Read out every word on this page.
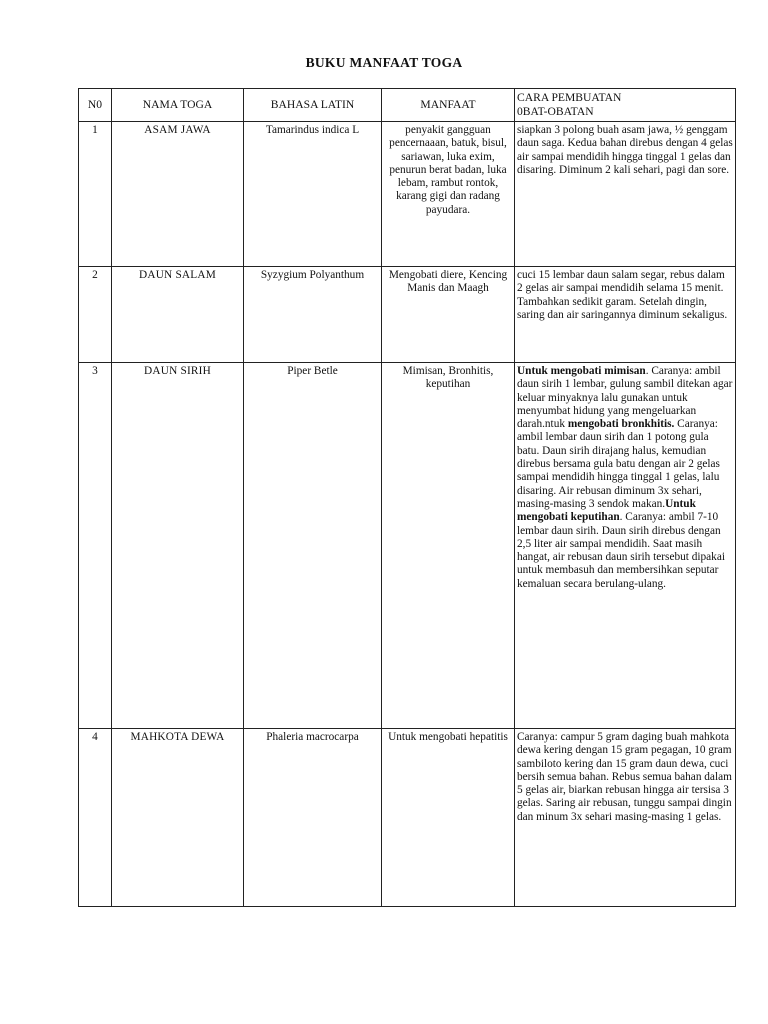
BUKU MANFAAT TOGA
N0	NAMA TOGA	BAHASA LATIN	MANFAAT	CARA PEMBUATAN
0BAT-OBATAN
1	ASAM JAWA	Tamarindus indica L	penyakit gangguan pencernaaan, batuk, bisul, sariawan, luka exim, penurun berat badan, luka lebam, rambut rontok, karang gigi dan radang payudara.	siapkan 3 polong buah asam jawa, ½ genggam daun saga. Kedua bahan direbus dengan 4 gelas air sampai mendidih hingga tinggal 1 gelas dan disaring. Diminum 2 kali sehari, pagi dan sore.
2	DAUN SALAM	Syzygium Polyanthum	Mengobati diere, Kencing Manis dan Maagh	cuci 15 lembar daun salam segar, rebus dalam 2 gelas air sampai mendidih selama 15 menit. Tambahkan sedikit garam. Setelah dingin, saring dan air saringannya diminum sekaligus.
3	DAUN SIRIH	Piper Betle	Mimisan, Bronhitis, keputihan	Untuk mengobati mimisan. Caranya: ambil daun sirih 1 lembar, gulung sambil ditekan agar keluar minyaknya lalu gunakan untuk menyumbat hidung yang mengeluarkan darah.ntuk mengobati bronkhitis. Caranya: ambil lembar daun sirih dan 1 potong gula batu. Daun sirih dirajang halus, kemudian direbus bersama gula batu dengan air 2 gelas sampai mendidih hingga tinggal 1 gelas, lalu disaring. Air rebusan diminum 3x sehari, masing-masing 3 sendok makan.Untuk mengobati keputihan. Caranya: ambil 7-10 lembar daun sirih. Daun sirih direbus dengan 2,5 liter air sampai mendidih. Saat masih hangat, air rebusan daun sirih tersebut dipakai untuk membasuh dan membersihkan seputar kemaluan secara berulang-ulang.
4	MAHKOTA DEWA	Phaleria macrocarpa	Untuk mengobati hepatitis	Caranya: campur 5 gram daging buah mahkota dewa kering dengan 15 gram pegagan, 10 gram sambiloto kering dan 15 gram daun dewa, cuci bersih semua bahan. Rebus semua bahan dalam 5 gelas air, biarkan rebusan hingga air tersisa 3 gelas. Saring air rebusan, tunggu sampai dingin dan minum 3x sehari masing-masing 1 gelas.
